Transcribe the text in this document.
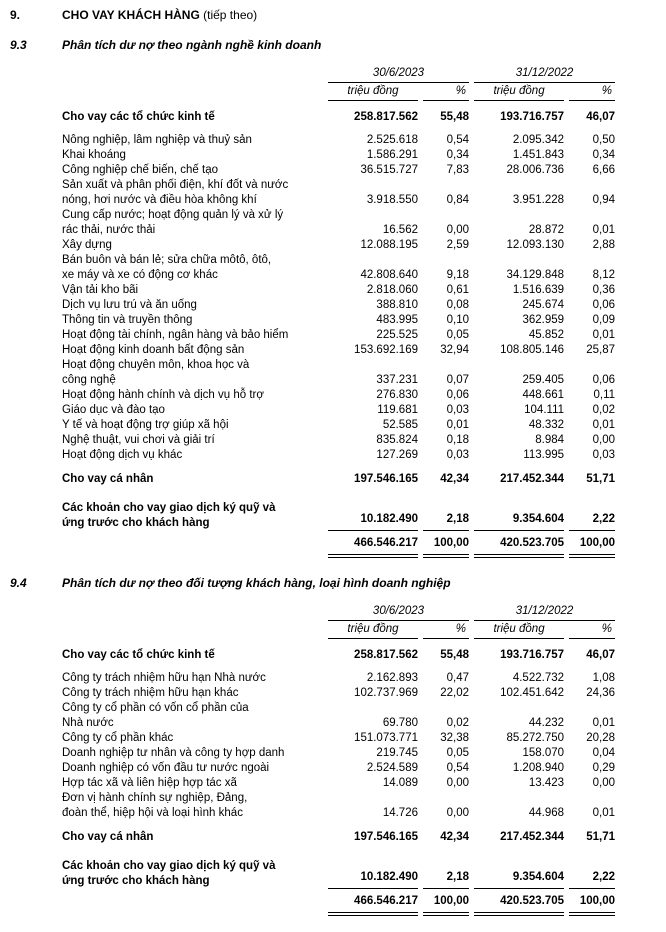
9.	CHO VAY KHÁCH HÀNG (tiếp theo)
9.3	Phân tích dư nợ theo ngành nghề kinh doanh
	30/6/2023		31/12/2022	
	triệu đồng	%	triệu đồng	%

Cho vay các tổ chức kinh tế	258.817.562	55,48	193.716.757	46,07

Nông nghiệp, lâm nghiệp và thuỷ sản	2.525.618	0,54	2.095.342	0,50

Khai khoáng	1.586.291	0,34	1.451.843	0,34

Công nghiệp chế biến, chế tạo	36.515.727	7,83	28.006.736	6,66

Sản xuất và phân phối điện, khí đốt và nước
nóng, hơi nước và điều hòa không khí	3.918.550	0,84	3.951.228	0,94

Cung cấp nước; hoạt động quản lý và xử lý
rác thải, nước thải	16.562	0,00	28.872	0,01

Xây dựng	12.088.195	2,59	12.093.130	2,88

Bán buôn và bán lẻ; sửa chữa môtô, ôtô,
xe máy và xe có động cơ khác	42.808.640	9,18	34.129.848	8,12

Vận tải kho bãi	2.818.060	0,61	1.516.639	0,36

Dịch vụ lưu trú và ăn uống	388.810	0,08	245.674	0,06

Thông tin và truyền thông	483.995	0,10	362.959	0,09

Hoạt động tài chính, ngân hàng và bảo hiểm	225.525	0,05	45.852	0,01

Hoạt động kinh doanh bất động sản	153.692.169	32,94	108.805.146	25,87

Hoạt động chuyên môn, khoa học và
công nghệ	337.231	0,07	259.405	0,06

Hoạt động hành chính và dịch vụ hỗ trợ	276.830	0,06	448.661	0,11

Giáo dục và đào tạo	119.681	0,03	104.111	0,02

Y tế và hoạt động trợ giúp xã hội	52.585	0,01	48.332	0,01

Nghệ thuật, vui chơi và giải trí	835.824	0,18	8.984	0,00

Hoạt động dịch vụ khác	127.269	0,03	113.995	0,03

Cho vay cá nhân	197.546.165	42,34	217.452.344	51,71

Các khoản cho vay giao dịch ký quỹ và
ứng trước cho khách hàng	10.182.490	2,18	9.354.604	2,22
	466.546.217	100,00	420.523.705	100,00
9.4	Phân tích dư nợ theo đối tượng khách hàng, loại hình doanh nghiệp
	30/6/2023		31/12/2022	
	triệu đồng	%	triệu đồng	%

Cho vay các tổ chức kinh tế	258.817.562	55,48	193.716.757	46,07

Công ty trách nhiệm hữu hạn Nhà nước	2.162.893	0,47	4.522.732	1,08

Công ty trách nhiệm hữu hạn khác	102.737.969	22,02	102.451.642	24,36

Công ty cổ phần có vốn cổ phần của
Nhà nước	69.780	0,02	44.232	0,01

Công ty cổ phần khác	151.073.771	32,38	85.272.750	20,28

Doanh nghiệp tư nhân và công ty hợp danh	219.745	0,05	158.070	0,04

Doanh nghiệp có vốn đầu tư nước ngoài	2.524.589	0,54	1.208.940	0,29

Hợp tác xã và liên hiệp hợp tác xã	14.089	0,00	13.423	0,00

Đơn vị hành chính sự nghiệp, Đảng,
đoàn thể, hiệp hội và loại hình khác	14.726	0,00	44.968	0,01

Cho vay cá nhân	197.546.165	42,34	217.452.344	51,71

Các khoản cho vay giao dịch ký quỹ và
ứng trước cho khách hàng	10.182.490	2,18	9.354.604	2,22
	466.546.217	100,00	420.523.705	100,00
